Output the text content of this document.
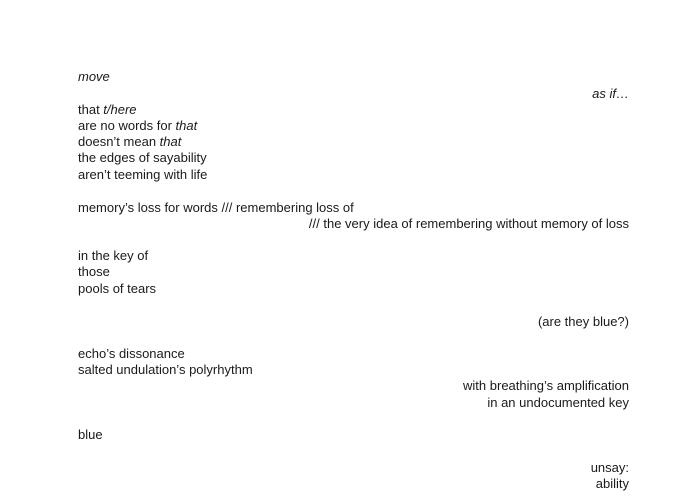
move
as if…
that t/here
are no words for that
doesn’t mean that
the edges of sayability
aren’t teeming with life
memory’s loss for words /// remembering loss of
/// the very idea of remembering without memory of loss
in the key of
those
pools of tears
(are they blue?)
echo’s dissonance
salted undulation’s polyrhythm
with breathing’s amplification
in an undocumented key
blue
unsay:
ability
